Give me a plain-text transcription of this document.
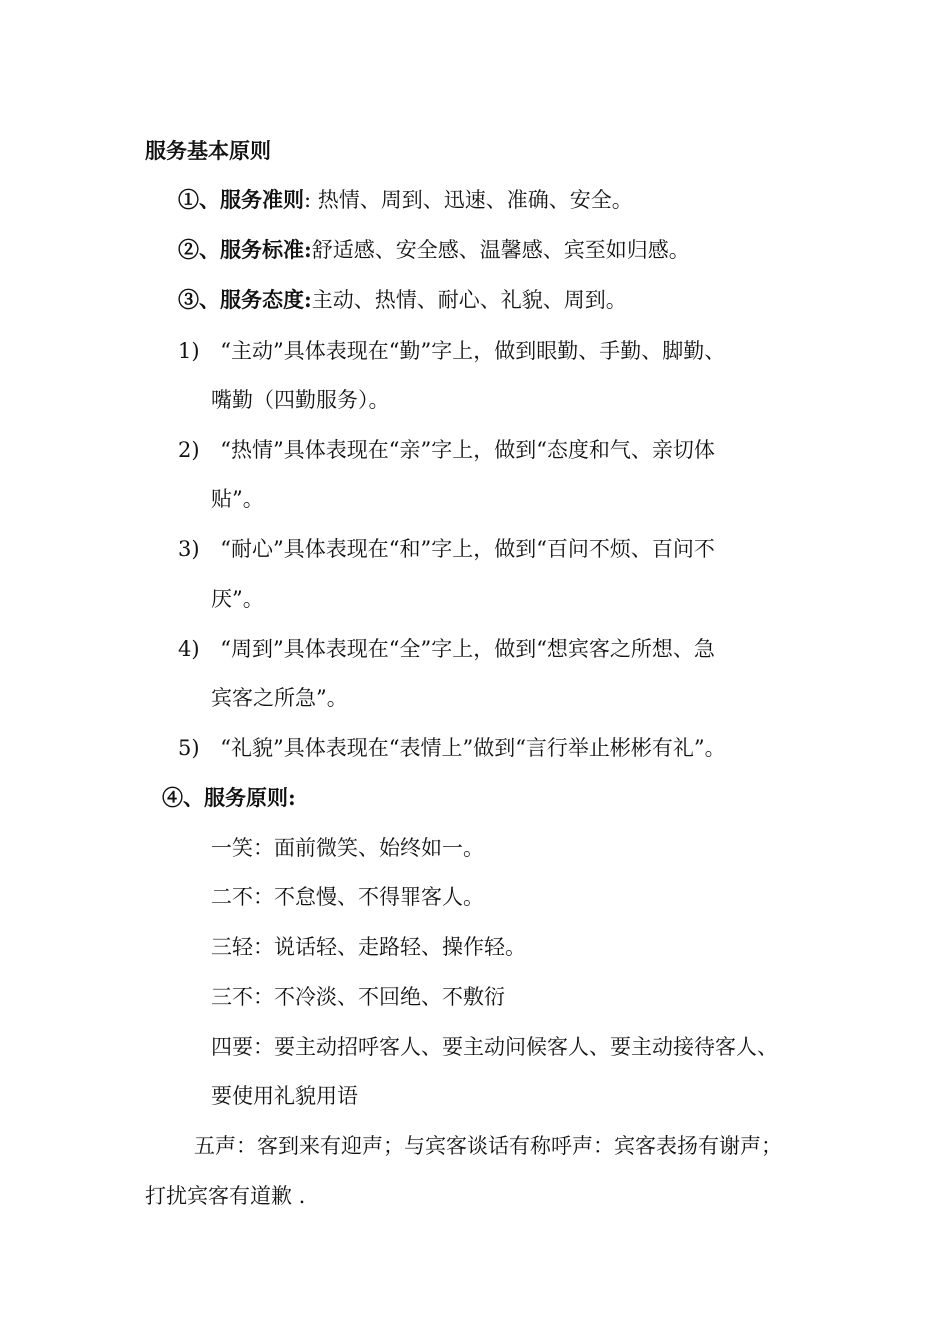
服务基本原则
①、服务准则: 热情、周到、迅速、准确、安全。
②、服务标准:舒适感、安全感、温馨感、宾至如归感。
③、服务态度:主动、热情、耐心、礼貌、周到。
1) “主动”具体表现在“勤”字上，做到眼勤、手勤、脚勤、
嘴勤（四勤服务）。
2) “热情”具体表现在“亲”字上，做到“态度和气、亲切体
贴”。
3) “耐心”具体表现在“和”字上，做到“百问不烦、百问不
厌”。
4) “周到”具体表现在“全”字上，做到“想宾客之所想、急
宾客之所急”。
5) “礼貌”具体表现在“表情上”做到“言行举止彬彬有礼”。
④、服务原则:
一笑：面前微笑、始终如一。
二不：不怠慢、不得罪客人。
三轻：说话轻、走路轻、操作轻。
三不：不冷淡、不回绝、不敷衍
四要：要主动招呼客人、要主动问候客人、要主动接待客人、
要使用礼貌用语
五声：客到来有迎声；与宾客谈话有称呼声：宾客表扬有谢声；
打扰宾客有道歉 .
